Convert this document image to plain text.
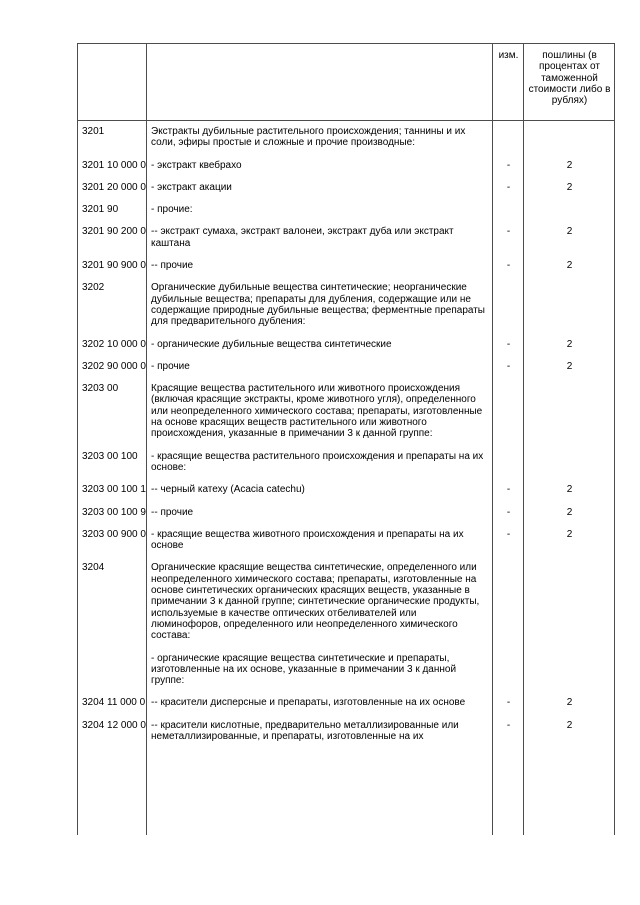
		изм.	пошлины (в процентах от таможенной стоимости либо в рублях)
3201	Экстракты дубильные растительного происхождения; таннины и их соли, эфиры простые и сложные и прочие производные:		
3201 10 000 0	- экстракт квебрахо	-	2
3201 20 000 0	- экстракт акации	-	2
3201 90	- прочие:		
3201 90 200 0	-- экстракт сумаха, экстракт валонеи, экстракт дуба или экстракт каштана	-	2
3201 90 900 0	-- прочие	-	2
3202	Органические дубильные вещества синтетические; неорганические дубильные вещества; препараты для дубления, содержащие или не содержащие природные дубильные вещества; ферментные препараты для предварительного дубления:		
3202 10 000 0	- органические дубильные вещества синтетические	-	2
3202 90 000 0	- прочие	-	2
3203 00	Красящие вещества растительного или животного происхождения (включая красящие экстракты, кроме животного угля), определенного или неопределенного химического состава; препараты, изготовленные на основе красящих веществ растительного или животного происхождения, указанные в примечании 3 к данной группе:		
3203 00 100	- красящие вещества растительного происхождения и препараты на их основе:		
3203 00 100 1	-- черный катеху (Acacia catechu)	-	2
3203 00 100 9	-- прочие	-	2
3203 00 900 0	- красящие вещества животного происхождения и препараты на их основе	-	2
3204	Органические красящие вещества синтетические, определенного или неопределенного химического состава; препараты, изготовленные на основе синтетических органических красящих веществ, указанные в примечании 3 к данной группе; синтетические органические продукты, используемые в качестве оптических отбеливателей или люминофоров, определенного или неопределенного химического состава:		
	- органические красящие вещества синтетические и препараты, изготовленные на их основе, указанные в примечании 3 к данной группе:		
3204 11 000 0	-- красители дисперсные и препараты, изготовленные на их основе	-	2
3204 12 000 0	-- красители кислотные, предварительно металлизированные или неметаллизированные, и препараты, изготовленные на их	-	2
